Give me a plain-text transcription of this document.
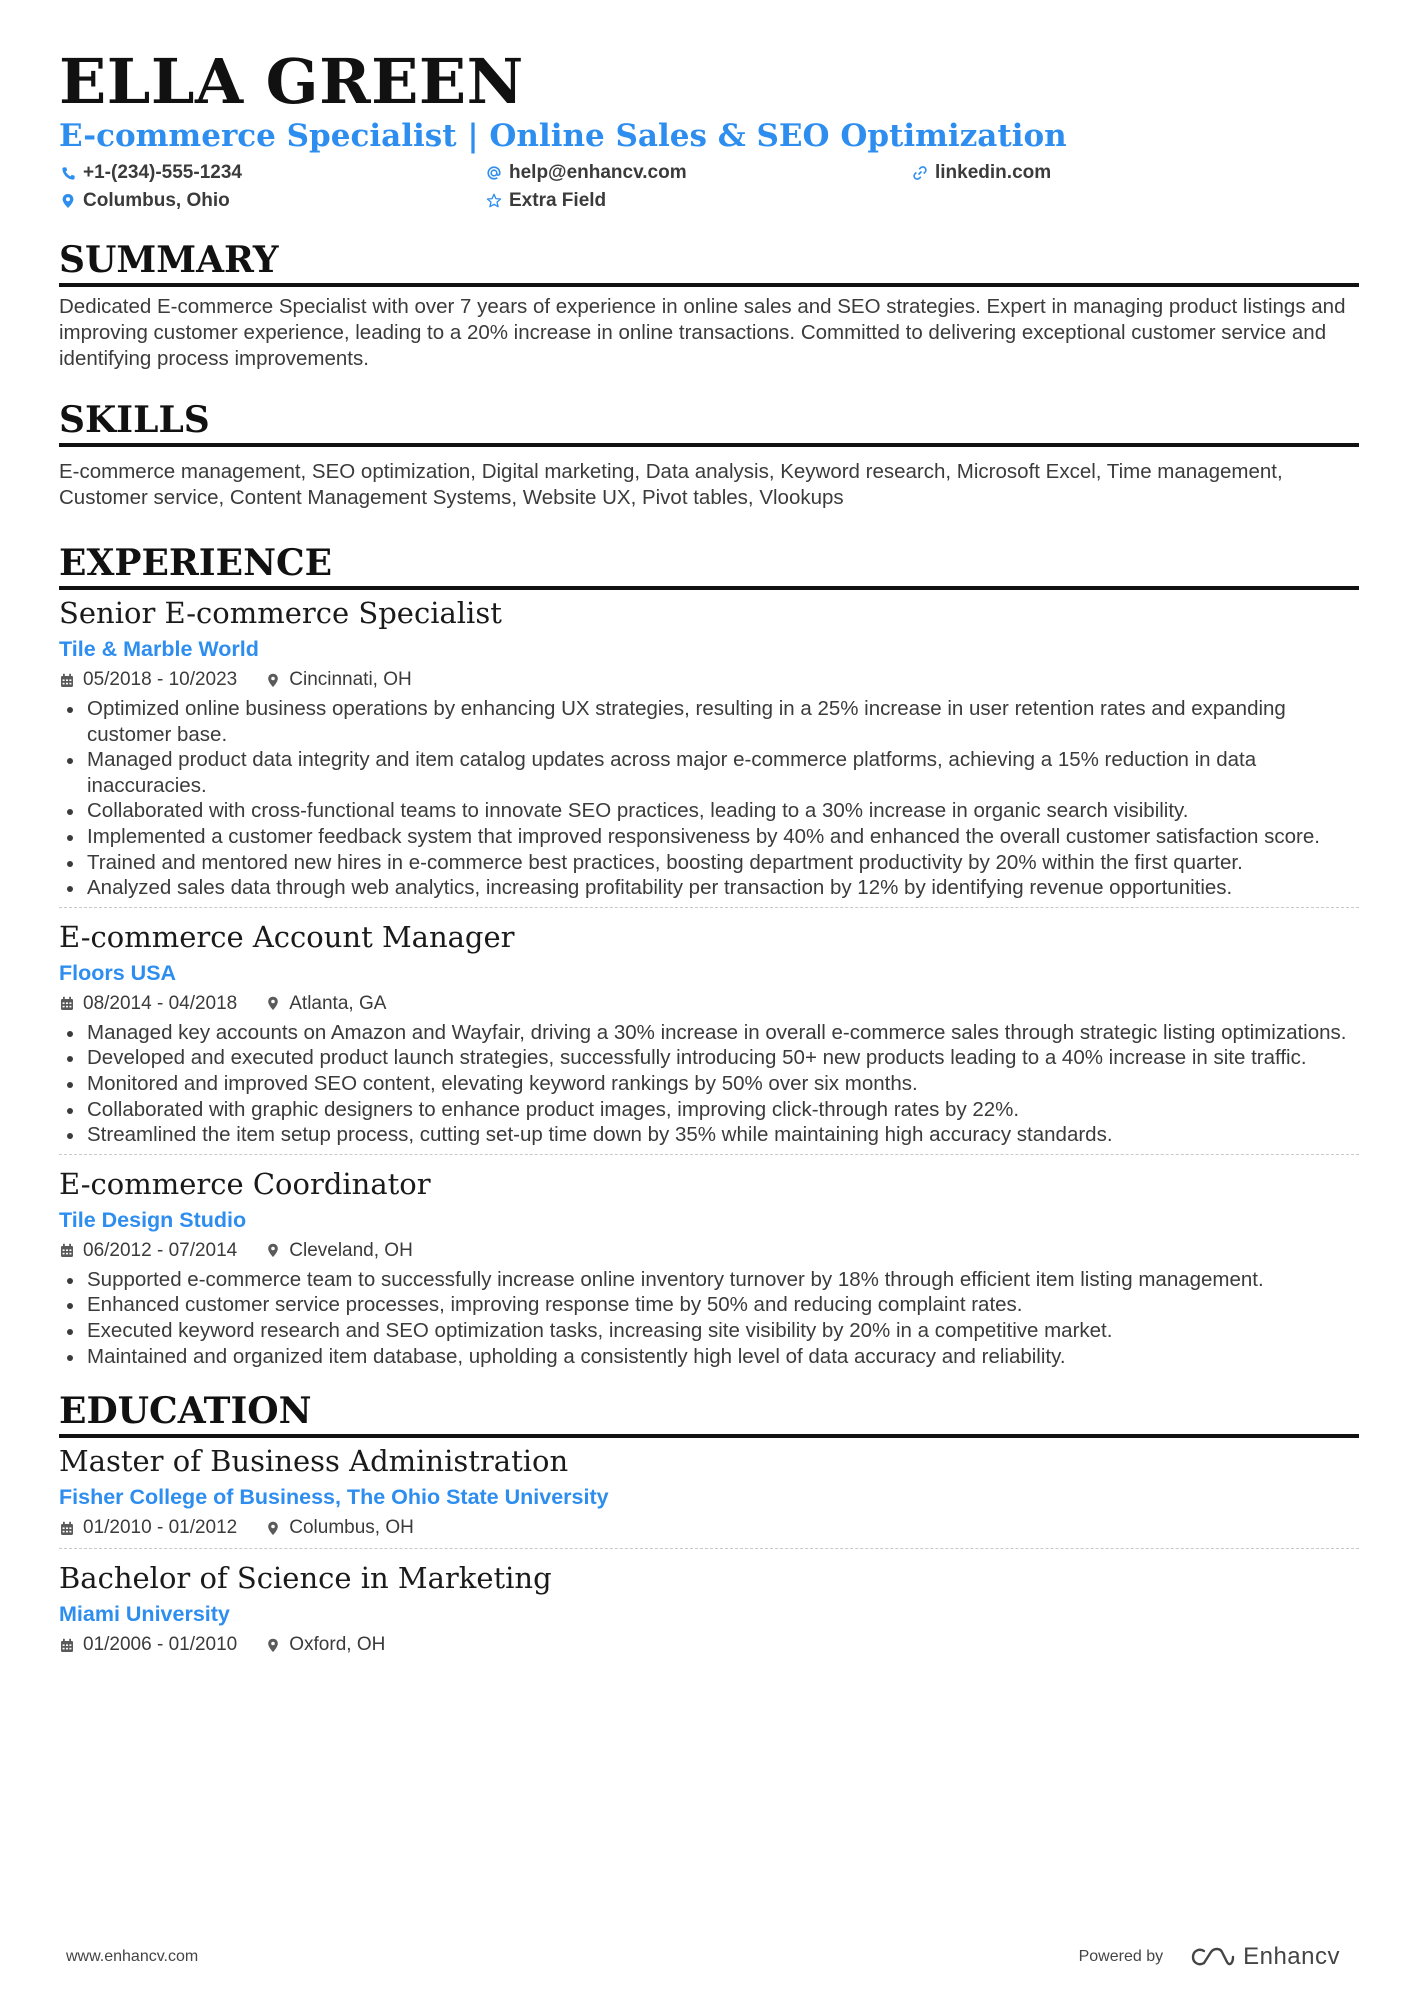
ELLA GREEN
E-commerce Specialist | Online Sales & SEO Optimization
+1-(234)-555-1234	help@enhancv.com	linkedin.com
Columbus, Ohio	Extra Field
SUMMARY
Dedicated E-commerce Specialist with over 7 years of experience in online sales and SEO strategies. Expert in managing product listings and improving customer experience, leading to a 20% increase in online transactions. Committed to delivering exceptional customer service and identifying process improvements.
SKILLS
E-commerce management, SEO optimization, Digital marketing, Data analysis, Keyword research, Microsoft Excel, Time management, Customer service, Content Management Systems, Website UX, Pivot tables, Vlookups
EXPERIENCE
Senior E-commerce Specialist
Tile & Marble World
05/2018 - 10/2023	Cincinnati, OH
Optimized online business operations by enhancing UX strategies, resulting in a 25% increase in user retention rates and expanding customer base.
Managed product data integrity and item catalog updates across major e-commerce platforms, achieving a 15% reduction in data inaccuracies.
Collaborated with cross-functional teams to innovate SEO practices, leading to a 30% increase in organic search visibility.
Implemented a customer feedback system that improved responsiveness by 40% and enhanced the overall customer satisfaction score.
Trained and mentored new hires in e-commerce best practices, boosting department productivity by 20% within the first quarter.
Analyzed sales data through web analytics, increasing profitability per transaction by 12% by identifying revenue opportunities.
E-commerce Account Manager
Floors USA
08/2014 - 04/2018	Atlanta, GA
Managed key accounts on Amazon and Wayfair, driving a 30% increase in overall e-commerce sales through strategic listing optimizations.
Developed and executed product launch strategies, successfully introducing 50+ new products leading to a 40% increase in site traffic.
Monitored and improved SEO content, elevating keyword rankings by 50% over six months.
Collaborated with graphic designers to enhance product images, improving click-through rates by 22%.
Streamlined the item setup process, cutting set-up time down by 35% while maintaining high accuracy standards.
E-commerce Coordinator
Tile Design Studio
06/2012 - 07/2014	Cleveland, OH
Supported e-commerce team to successfully increase online inventory turnover by 18% through efficient item listing management.
Enhanced customer service processes, improving response time by 50% and reducing complaint rates.
Executed keyword research and SEO optimization tasks, increasing site visibility by 20% in a competitive market.
Maintained and organized item database, upholding a consistently high level of data accuracy and reliability.
EDUCATION
Master of Business Administration
Fisher College of Business, The Ohio State University
01/2010 - 01/2012	Columbus, OH
Bachelor of Science in Marketing
Miami University
01/2006 - 01/2010	Oxford, OH
www.enhancv.com	Powered by	Enhancv
